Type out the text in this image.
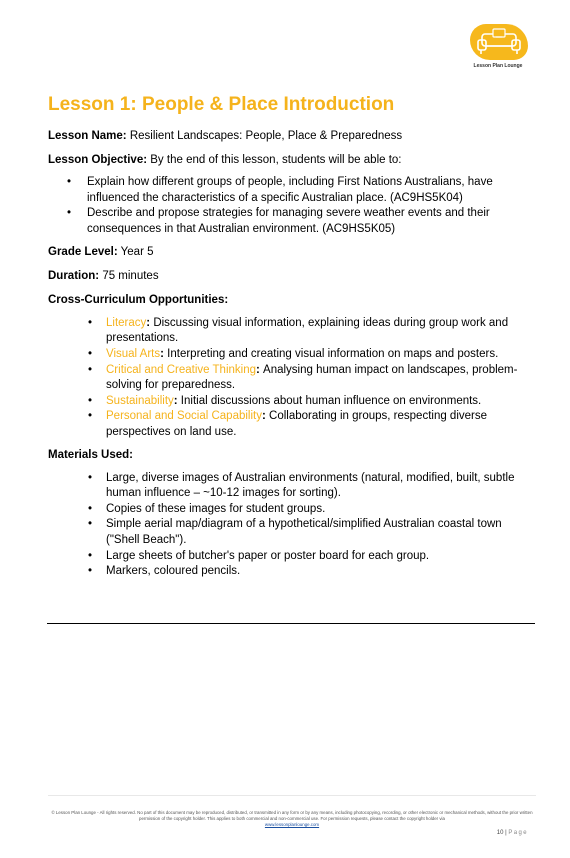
Lesson Plan Lounge
Lesson 1: People & Place Introduction

Lesson Name: Resilient Landscapes: People, Place & Preparedness

Lesson Objective: By the end of this lesson, students will be able to:

• Explain how different groups of people, including First Nations Australians, have influenced the characteristics of a specific Australian place. (AC9HS5K04)
• Describe and propose strategies for managing severe weather events and their consequences in that Australian environment. (AC9HS5K05)

Grade Level: Year 5

Duration: 75 minutes

Cross-Curriculum Opportunities:

• Literacy: Discussing visual information, explaining ideas during group work and presentations.
• Visual Arts: Interpreting and creating visual information on maps and posters.
• Critical and Creative Thinking: Analysing human impact on landscapes, problem-solving for preparedness.
• Sustainability: Initial discussions about human influence on environments.
• Personal and Social Capability: Collaborating in groups, respecting diverse perspectives on land use.

Materials Used:

• Large, diverse images of Australian environments (natural, modified, built, subtle human influence – ~10-12 images for sorting).
• Copies of these images for student groups.
• Simple aerial map/diagram of a hypothetical/simplified Australian coastal town ("Shell Beach").
• Large sheets of butcher's paper or poster board for each group.
• Markers, coloured pencils.
© Lesson Plan Lounge - All rights reserved. No part of this document may be reproduced, distributed, or transmitted in any form or by any means, including photocopying, recording, or other electronic or mechanical methods, without the prior written permission of the copyright holder. This applies to both commercial and non-commercial use. For permission requests, please contact the copyright holder via
www.lessonplanlounge.com
10 | Page
